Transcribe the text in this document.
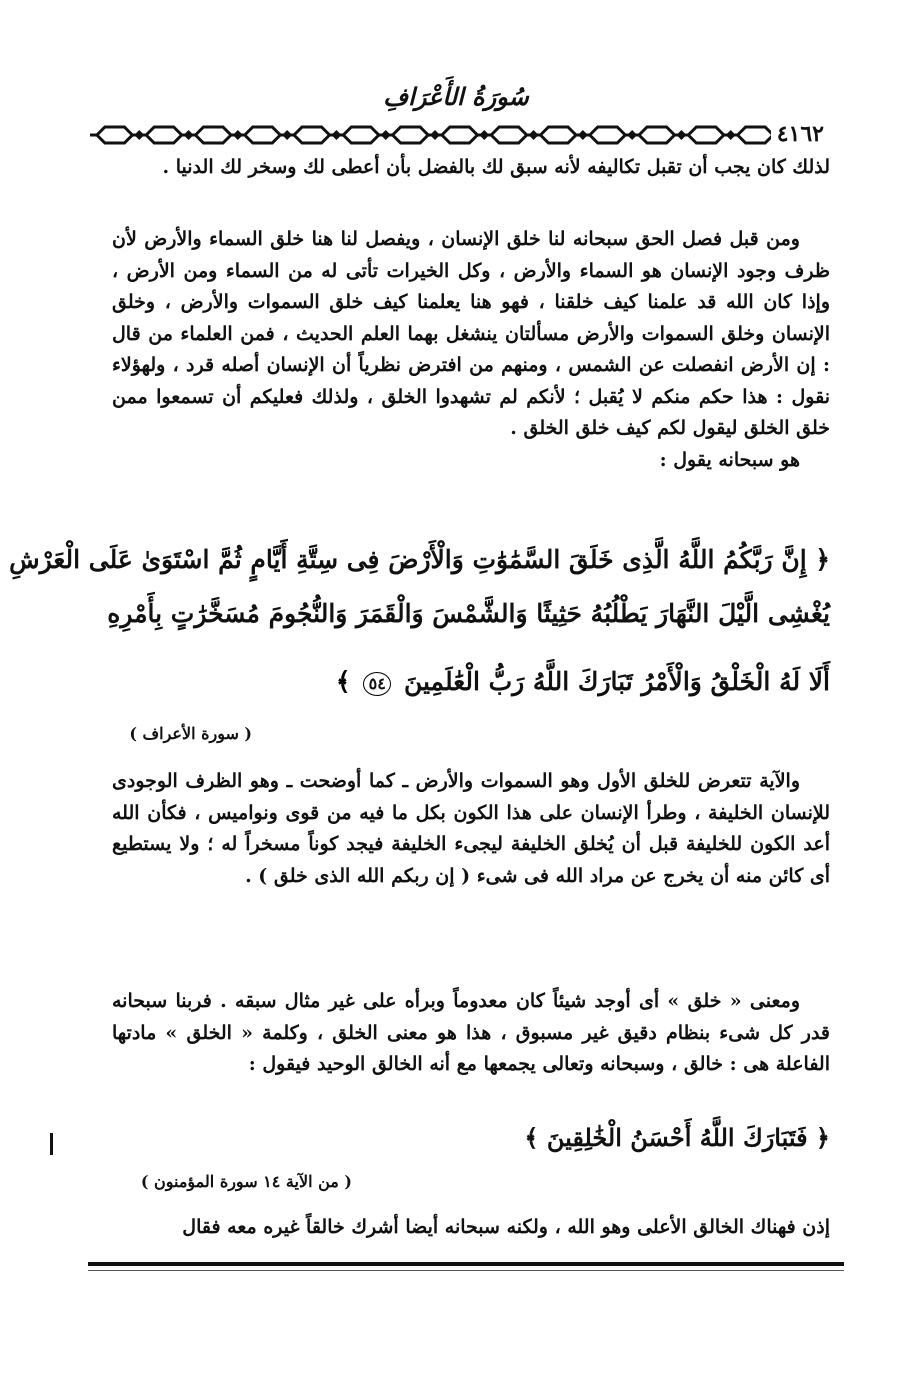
سُورَةُ الأَعْرَافِ
٤١٦٢

لذلك كان يجب أن تقبل تكاليفه لأنه سبق لك بالفضل بأن أعطى لك وسخر لك الدنيا .

ومن قبل فصل الحق سبحانه لنا خلق الإنسان ، ويفصل لنا هنا خلق السماء والأرض لأن ظرف وجود الإنسان هو السماء والأرض ، وكل الخيرات تأتى له من السماء ومن الأرض ، وإذا كان الله قد علمنا كيف خلقنا ، فهو هنا يعلمنا كيف خلق السموات والأرض ، وخلق الإنسان وخلق السموات والأرض مسألتان ينشغل بهما العلم الحديث ، فمن العلماء من قال : إن الأرض انفصلت عن الشمس ، ومنهم من افترض نظرياً أن الإنسان أصله قرد ، ولهؤلاء نقول : هذا حكم منكم لا يُقبل ؛ لأنكم لم تشهدوا الخلق ، ولذلك فعليكم أن تسمعوا ممن خلق الخلق ليقول لكم كيف خلق الخلق .

هو سبحانه يقول :

﴿ إِنَّ رَبَّكُمُ اللَّهُ الَّذِى خَلَقَ السَّمَٰوَٰتِ وَالْأَرْضَ فِى سِتَّةِ أَيَّامٍ ثُمَّ اسْتَوَىٰ عَلَى الْعَرْشِ
يُغْشِى الَّيْلَ النَّهَارَ يَطْلُبُهُ حَثِيثًا وَالشَّمْسَ وَالْقَمَرَ وَالنُّجُومَ مُسَخَّرَٰتٍ بِأَمْرِهِ
أَلَا لَهُ الْخَلْقُ وَالْأَمْرُ تَبَارَكَ اللَّهُ رَبُّ الْعَٰلَمِينَ ٥٤ ﴾
( سورة الأعراف )

والآية تتعرض للخلق الأول وهو السموات والأرض ـ كما أوضحت ـ وهو الظرف الوجودى للإنسان الخليفة ، وطرأ الإنسان على هذا الكون بكل ما فيه من قوى ونواميس ، فكأن الله أعد الكون للخليفة قبل أن يُخلق الخليفة ليجىء الخليفة فيجد كوناً مسخراً له ؛ ولا يستطيع أى كائن منه أن يخرج عن مراد الله فى شىء ( إن ربكم الله الذى خلق ) .

ومعنى « خلق » أى أوجد شيئاً كان معدوماً وبرأه على غير مثال سبقه . فربنا سبحانه قدر كل شىء بنظام دقيق غير مسبوق ، هذا هو معنى الخلق ، وكلمة « الخلق » مادتها الفاعلة هى : خالق ، وسبحانه وتعالى يجمعها مع أنه الخالق الوحيد فيقول :

﴿ فَتَبَارَكَ اللَّهُ أَحْسَنُ الْخَٰلِقِينَ ﴾
( من الآية ١٤ سورة المؤمنون )

إذن فهناك الخالق الأعلى وهو الله ، ولكنه سبحانه أيضا أشرك خالقاً غيره معه فقال
